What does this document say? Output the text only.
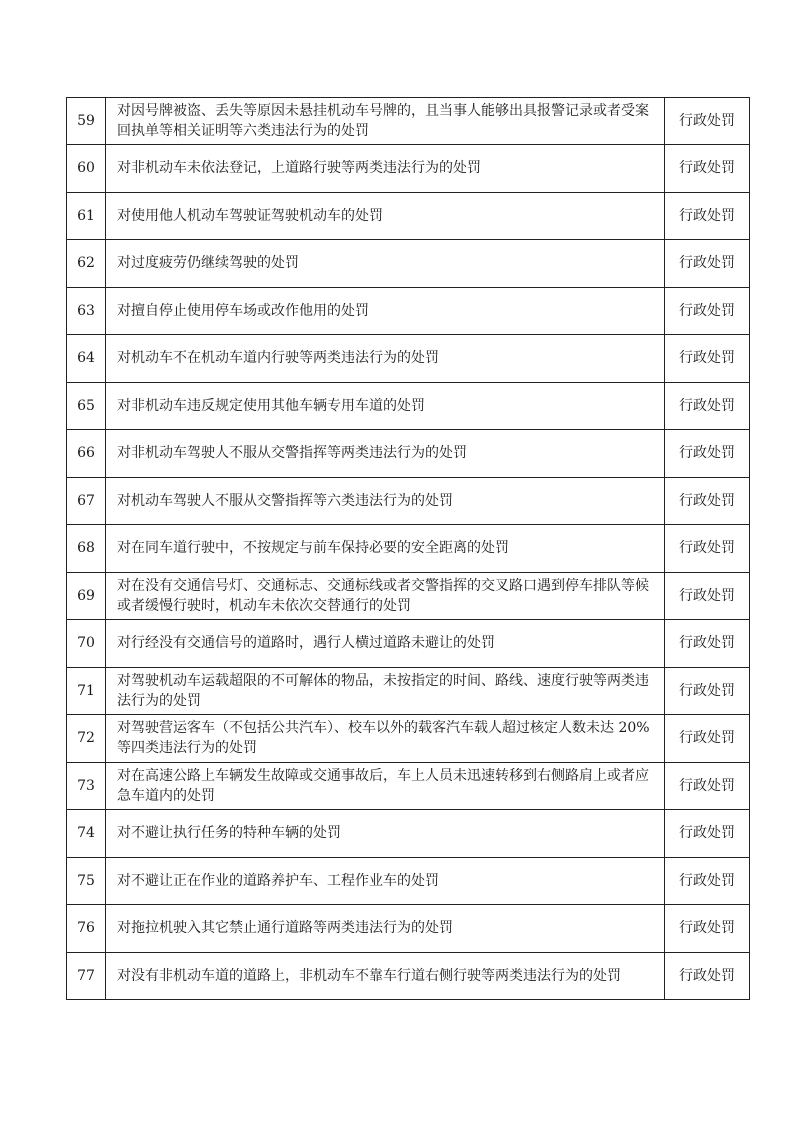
59	对因号牌被盗、丢失等原因未悬挂机动车号牌的，且当事人能够出具报警记录或者受案回执单等相关证明等六类违法行为的处罚	行政处罚
60	对非机动车未依法登记，上道路行驶等两类违法行为的处罚	行政处罚
61	对使用他人机动车驾驶证驾驶机动车的处罚	行政处罚
62	对过度疲劳仍继续驾驶的处罚	行政处罚
63	对擅自停止使用停车场或改作他用的处罚	行政处罚
64	对机动车不在机动车道内行驶等两类违法行为的处罚	行政处罚
65	对非机动车违反规定使用其他车辆专用车道的处罚	行政处罚
66	对非机动车驾驶人不服从交警指挥等两类违法行为的处罚	行政处罚
67	对机动车驾驶人不服从交警指挥等六类违法行为的处罚	行政处罚
68	对在同车道行驶中，不按规定与前车保持必要的安全距离的处罚	行政处罚
69	对在没有交通信号灯、交通标志、交通标线或者交警指挥的交叉路口遇到停车排队等候或者缓慢行驶时，机动车未依次交替通行的处罚	行政处罚
70	对行经没有交通信号的道路时，遇行人横过道路未避让的处罚	行政处罚
71	对驾驶机动车运载超限的不可解体的物品，未按指定的时间、路线、速度行驶等两类违法行为的处罚	行政处罚
72	对驾驶营运客车（不包括公共汽车）、校车以外的载客汽车载人超过核定人数未达 20%等四类违法行为的处罚	行政处罚
73	对在高速公路上车辆发生故障或交通事故后，车上人员未迅速转移到右侧路肩上或者应急车道内的处罚	行政处罚
74	对不避让执行任务的特种车辆的处罚	行政处罚
75	对不避让正在作业的道路养护车、工程作业车的处罚	行政处罚
76	对拖拉机驶入其它禁止通行道路等两类违法行为的处罚	行政处罚
77	对没有非机动车道的道路上，非机动车不靠车行道右侧行驶等两类违法行为的处罚	行政处罚
